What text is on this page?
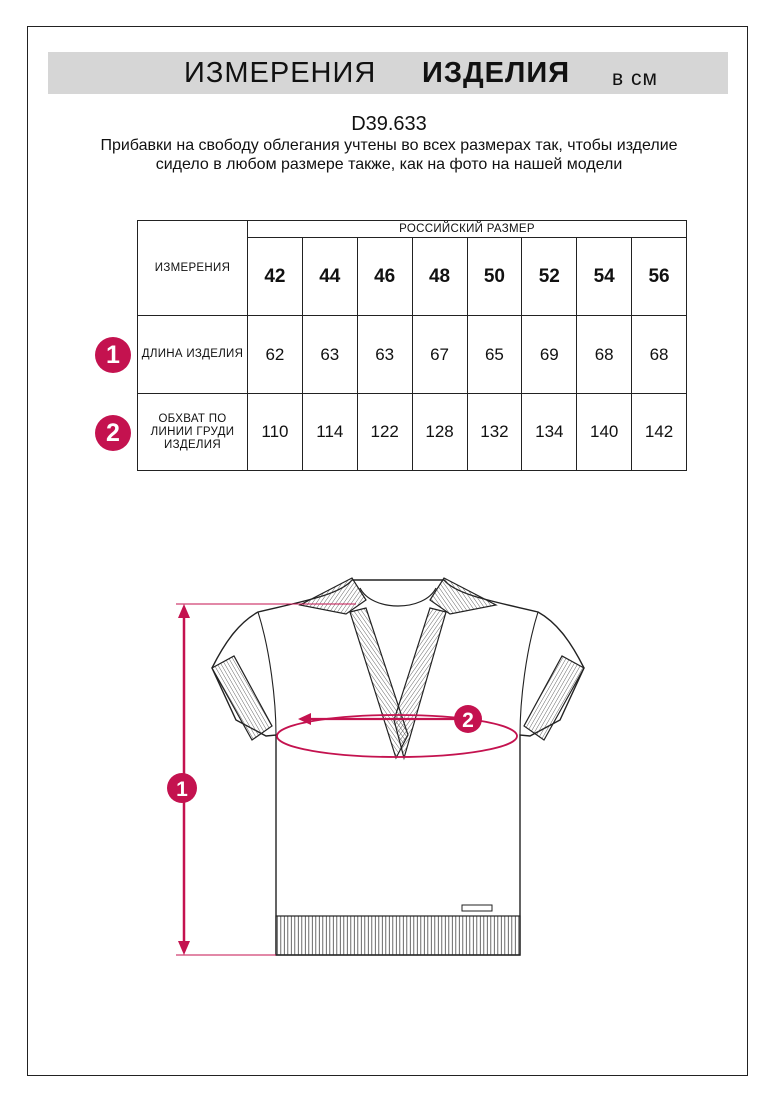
ИЗМЕРЕНИЯ ИЗДЕЛИЯ в см
D39.633
Прибавки на свободу облегания учтены во всех размерах так, чтобы изделие сидело в любом размере также, как на фото на нашей модели
ИЗМЕРЕНИЯ	РОССИЙСКИЙ РАЗМЕР							
	42	44	46	48	50	52	54	56
ДЛИНА ИЗДЕЛИЯ	62	63	63	67	65	69	68	68
ОБХВАТ ПО ЛИНИИ ГРУДИ ИЗДЕЛИЯ	110	114	122	128	132	134	140	142
1
2
1
2
